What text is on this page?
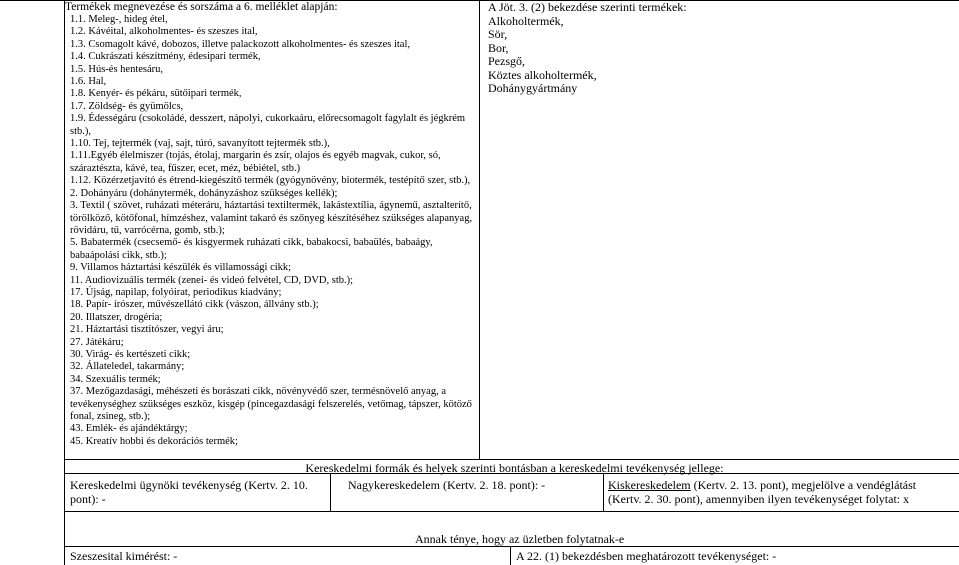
Termékek megnevezése és sorszáma a 6. melléklet alapján:
1.1. Meleg-, hideg étel,
1.2. Kávéital, alkoholmentes- és szeszes ital,
1.3. Csomagolt kávé, dobozos, illetve palackozott alkoholmentes- és szeszes ital,
1.4. Cukrászati készítmény, édesipari termék,
1.5. Hús-és hentesáru,
1.6. Hal,
1.8. Kenyér- és pékáru, sütőipari termék,
1.7. Zöldség- és gyümölcs,
1.9. Édességáru (csokoládé, desszert, nápolyi, cukorkaáru, előrecsomagolt fagylalt és jégkrém stb.),
1.10. Tej, tejtermék (vaj, sajt, túró, savanyított tejtermék stb.),
1.11.Egyéb élelmiszer (tojás, étolaj, margarin és zsír, olajos és egyéb magvak, cukor, só, száraztészta, kávé, tea, fűszer, ecet, méz, bébiétel, stb.)
1.12. Közérzetjavító és étrend-kiegészítő termék (gyógynövény, biotermék, testépítő szer, stb.),
2. Dohányáru (dohánytermék, dohányzáshoz szükséges kellék);
3. Textil ( szövet, ruházati méteráru, háztartási textiltermék, lakástextília, ágynemű, asztalterítő, törölköző, kötőfonal, hímzéshez, valamint takaró és szőnyeg készítéséhez szükséges alapanyag, rövidáru, tű, varrócérna, gomb, stb.);
5. Babatermék (csecsemő- és kisgyermek ruházati cikk, babakocsi, babaülés, babaágy, babaápolási cikk, stb.);
9. Villamos háztartási készülék és villamossági cikk;
11. Audiovizuális termék (zenei- és videó felvétel, CD, DVD, stb.);
17. Újság, napilap, folyóirat, periodikus kiadvány;
18. Papír- írószer, művészellátó cikk (vászon, állvány stb.);
20. Illatszer, drogéria;
21. Háztartási tisztítószer, vegyi áru;
27. Játékáru;
30. Virág- és kertészeti cikk;
32. Állateledel, takarmány;
34. Szexuális termék;
37. Mezőgazdasági, méhészeti és borászati cikk, növényvédő szer, termésnövelő anyag, a tevékenységhez szükséges eszköz, kisgép (pincegazdasági felszerelés, vetőmag, tápszer, kötöző fonal, zsineg, stb.);
43. Emlék- és ajándéktárgy;
45. Kreatív hobbi és dekorációs termék;
A Jöt. 3. (2) bekezdése szerinti termékek:
Alkoholtermék,
Sör,
Bor,
Pezsgő,
Köztes alkoholtermék,
Dohánygyártmány
Kereskedelmi formák és helyek szerinti bontásban a kereskedelmi tevékenység jellege:
Kereskedelmi ügynöki tevékenység (Kertv. 2. 10.
pont): -
Nagykereskedelem (Kertv. 2. 18. pont): -	Kiskereskedelem (Kertv. 2. 13. pont), megjelölve a vendéglátást
(Kertv. 2. 30. pont), amennyiben ilyen tevékenységet folytat: x
Annak ténye, hogy az üzletben folytatnak-e
Szeszesital kimérést: -	A 22. (1) bekezdésben meghatározott tevékenységet: -
